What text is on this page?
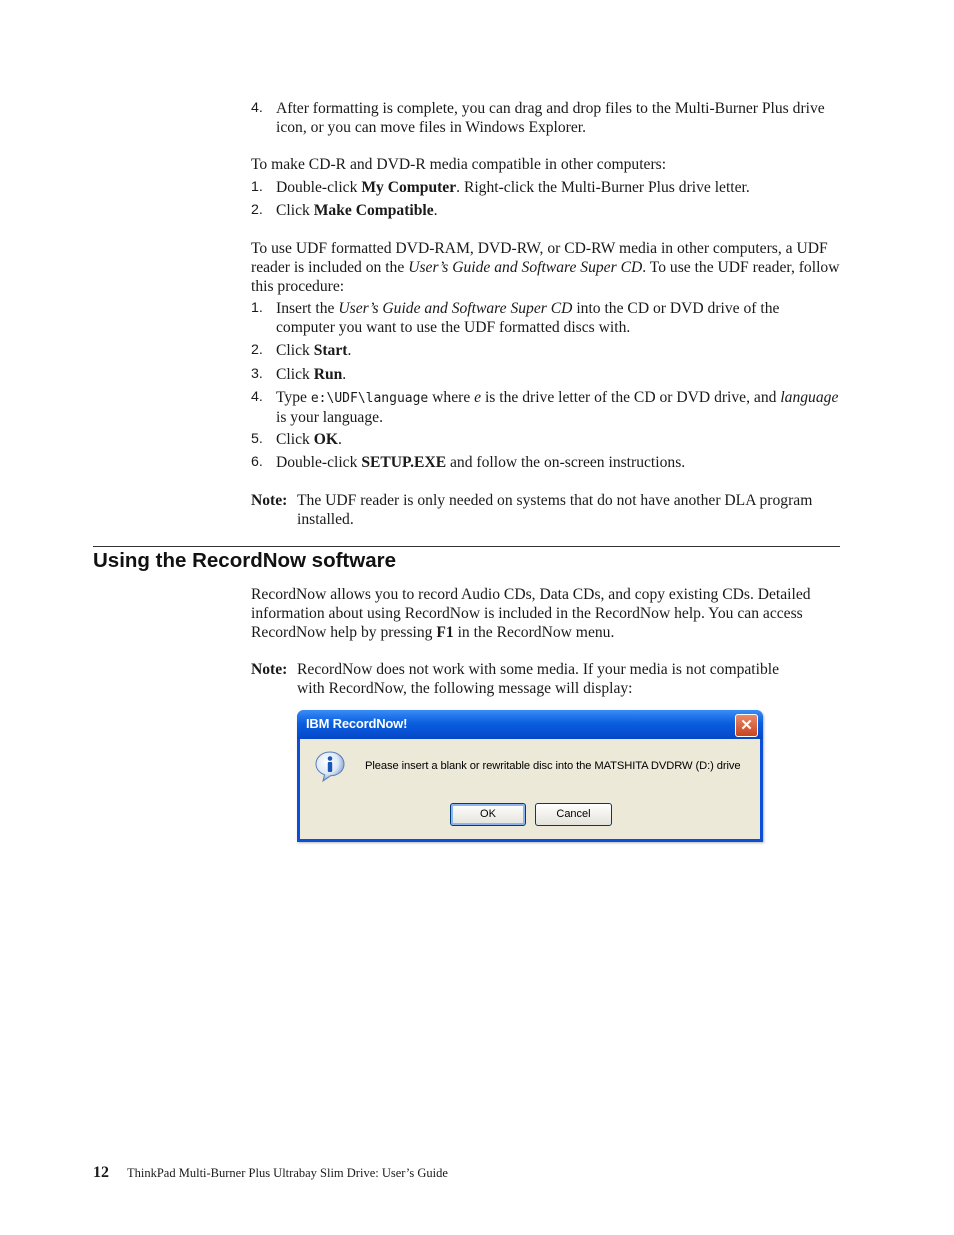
4. After formatting is complete, you can drag and drop files to the Multi-Burner Plus drive icon, or you can move files in Windows Explorer.
To make CD-R and DVD-R media compatible in other computers:
1. Double-click My Computer. Right-click the Multi-Burner Plus drive letter.
2. Click Make Compatible.
To use UDF formatted DVD-RAM, DVD-RW, or CD-RW media in other computers, a UDF reader is included on the User’s Guide and Software Super CD. To use the UDF reader, follow this procedure:
1. Insert the User’s Guide and Software Super CD into the CD or DVD drive of the computer you want to use the UDF formatted discs with.
2. Click Start.
3. Click Run.
4. Type e:\UDF\language where e is the drive letter of the CD or DVD drive, and language is your language.
5. Click OK.
6. Double-click SETUP.EXE and follow the on-screen instructions.
Note: The UDF reader is only needed on systems that do not have another DLA program installed.
Using the RecordNow software
RecordNow allows you to record Audio CDs, Data CDs, and copy existing CDs. Detailed information about using RecordNow is included in the RecordNow help. You can access RecordNow help by pressing F1 in the RecordNow menu.
Note: RecordNow does not work with some media. If your media is not compatible with RecordNow, the following message will display:
IBM RecordNow!	✕
Please insert a blank or rewritable disc into the MATSHITA DVDRW (D:) drive
OK	Cancel
12 ThinkPad Multi-Burner Plus Ultrabay Slim Drive: User’s Guide
